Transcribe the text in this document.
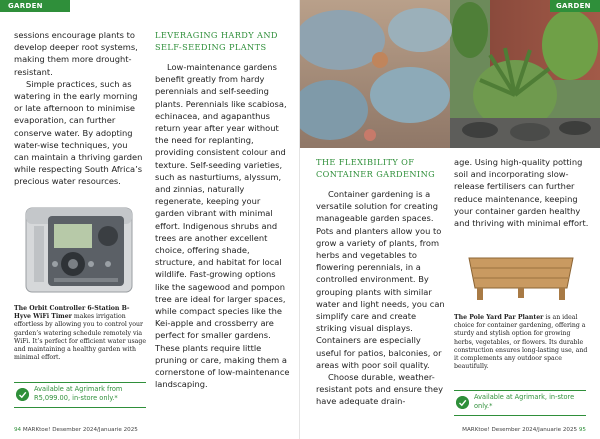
GARDEN

sessions encourage plants to develop deeper root systems, making them more drought-resistant.

Simple practices, such as watering in the early morning or late afternoon to minimise evaporation, can further conserve water. By adopting water-wise techniques, you can maintain a thriving garden while respecting South Africa’s precious water resources.

The Orbit Controller 6-Station B-Hyve WiFi Timer makes irrigation effortless by allowing you to control your garden’s watering schedule remotely via WiFi. It’s perfect for efficient water usage and maintaining a healthy garden with minimal effort.
Available at Agrimark from R5,099.00, in-store only.*
LEVERAGING HARDY AND SELF-SEEDING PLANTS

Low-maintenance gardens benefit greatly from hardy perennials and self-seeding plants. Perennials like scabiosa, echinacea, and agapanthus return year after year without the need for replanting, providing consistent colour and texture. Self-seeding varieties, such as nasturtiums, alyssum, and zinnias, naturally regenerate, keeping your garden vibrant with minimal effort. Indigenous shrubs and trees are another excellent choice, offering shade, structure, and habitat for local wildlife. Fast-growing options like the sagewood and pompon tree are ideal for larger spaces, while compact species like the Kei-apple and crossberry are perfect for smaller gardens. These plants require little pruning or care, making them a cornerstone of low-maintenance landscaping.

94 MARKtoe! Desember 2024/Januarie 2025
GARDEN
THE FLEXIBILITY OF CONTAINER GARDENING

Container gardening is a versatile solution for creating manageable garden spaces. Pots and planters allow you to grow a variety of plants, from herbs and vegetables to flowering perennials, in a controlled environment. By grouping plants with similar water and light needs, you can simplify care and create striking visual displays. Containers are especially useful for patios, balconies, or areas with poor soil quality.

Choose durable, weather-resistant pots and ensure they have adequate drain-

age. Using high-quality potting soil and incorporating slow-release fertilisers can further reduce maintenance, keeping your container garden healthy and thriving with minimal effort.

The Pole Yard Par Planter is an ideal choice for container gardening, offering a sturdy and stylish option for growing herbs, vegetables, or flowers. Its durable construction ensures long-lasting use, and it complements any outdoor space beautifully.
Available at Agrimark, in-store only.*
MARKtoe! Desember 2024/Januarie 2025 95
